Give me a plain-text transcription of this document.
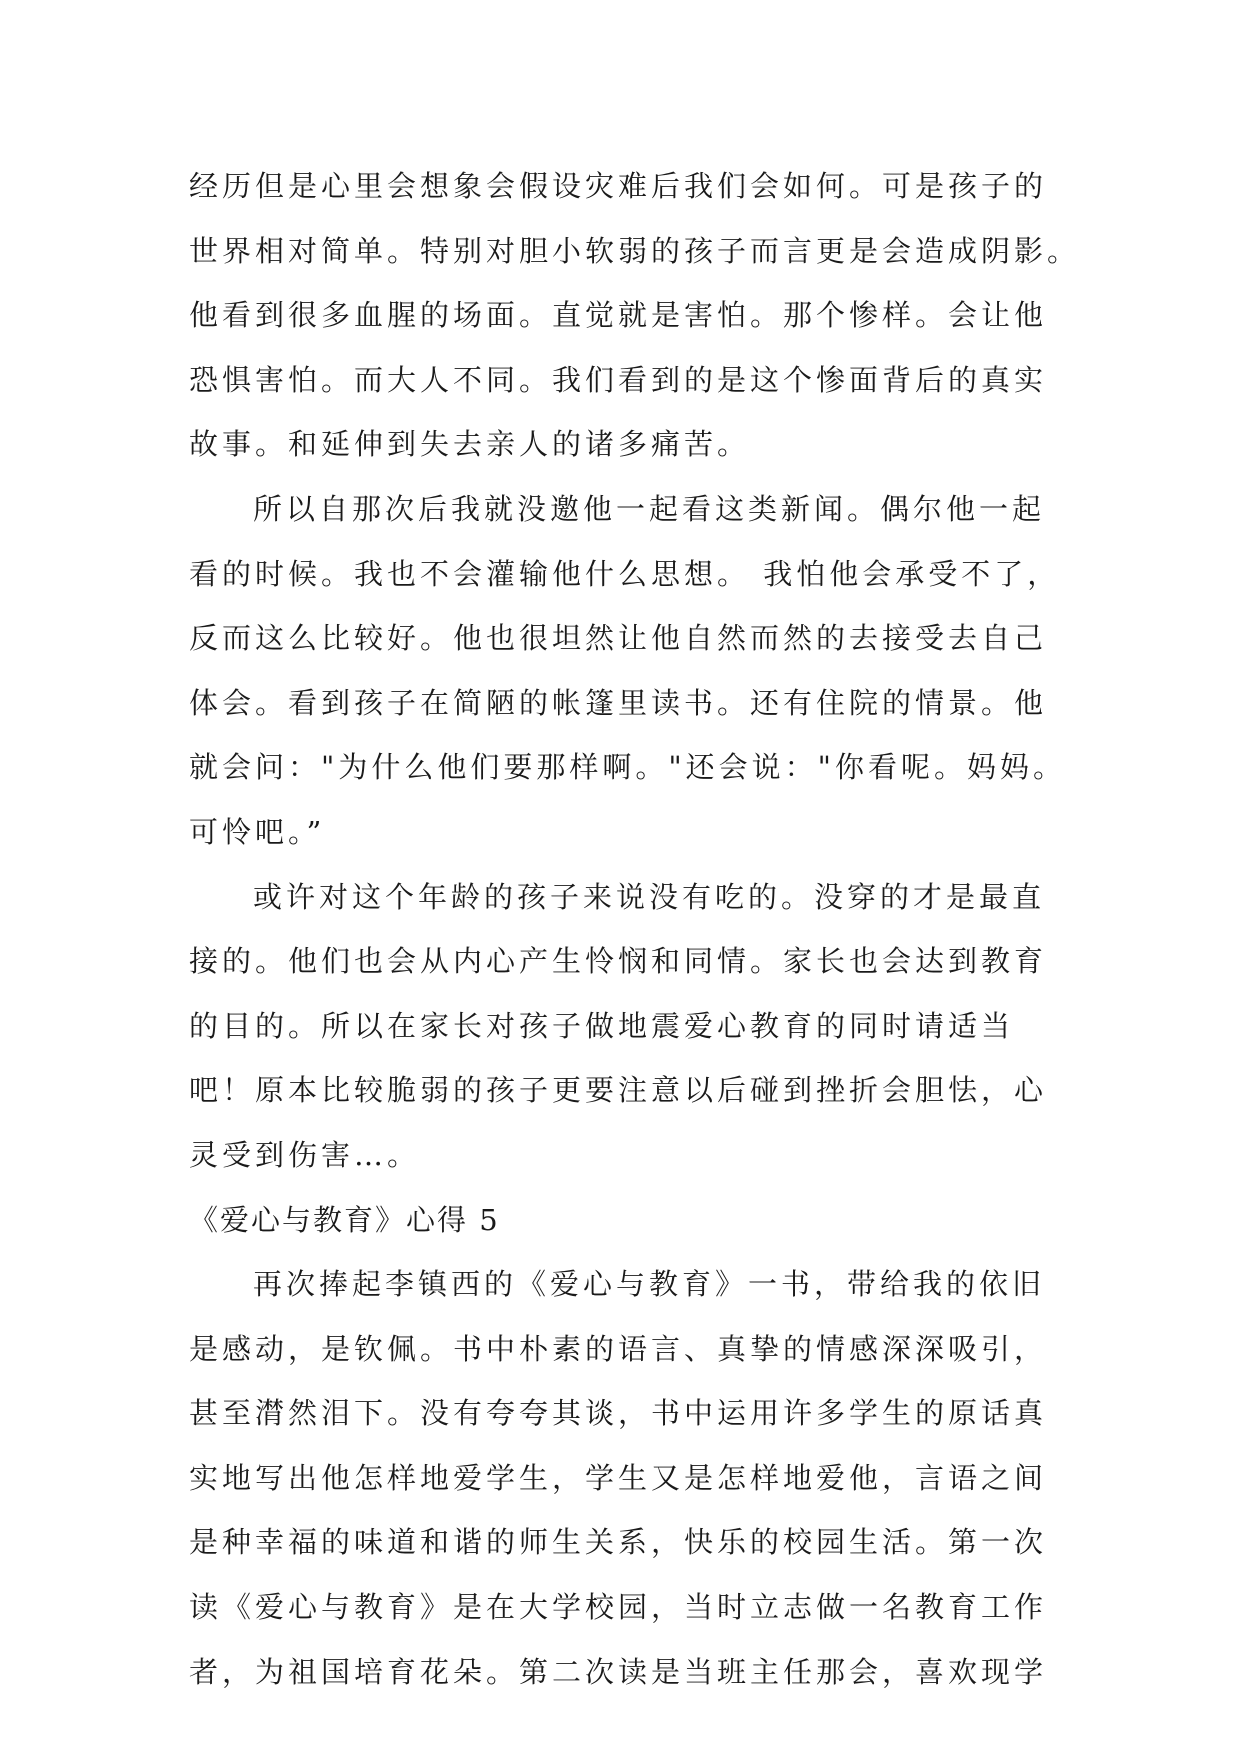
经历但是心里会想象会假设灾难后我们会如何。可是孩子的
世界相对简单。特别对胆小软弱的孩子而言更是会造成阴影。
他看到很多血腥的场面。直觉就是害怕。那个惨样。会让他
恐惧害怕。而大人不同。我们看到的是这个惨面背后的真实
故事。和延伸到失去亲人的诸多痛苦。
所以自那次后我就没邀他一起看这类新闻。偶尔他一起
看的时候。我也不会灌输他什么思想。 我怕他会承受不了，
反而这么比较好。他也很坦然让他自然而然的去接受去自己
体会。看到孩子在简陋的帐篷里读书。还有住院的情景。他
就会问："为什么他们要那样啊。"还会说："你看呢。妈妈。
可怜吧。”
或许对这个年龄的孩子来说没有吃的。没穿的才是最直
接的。他们也会从内心产生怜悯和同情。家长也会达到教育
的目的。所以在家长对孩子做地震爱心教育的同时请适当
吧！原本比较脆弱的孩子更要注意以后碰到挫折会胆怯，心
灵受到伤害…。
《爱心与教育》心得 5
再次捧起李镇西的《爱心与教育》一书，带给我的依旧
是感动，是钦佩。书中朴素的语言、真挚的情感深深吸引，
甚至潸然泪下。没有夸夸其谈，书中运用许多学生的原话真
实地写出他怎样地爱学生，学生又是怎样地爱他，言语之间
是种幸福的味道和谐的师生关系，快乐的校园生活。第一次
读《爱心与教育》是在大学校园，当时立志做一名教育工作
者，为祖国培育花朵。第二次读是当班主任那会，喜欢现学
